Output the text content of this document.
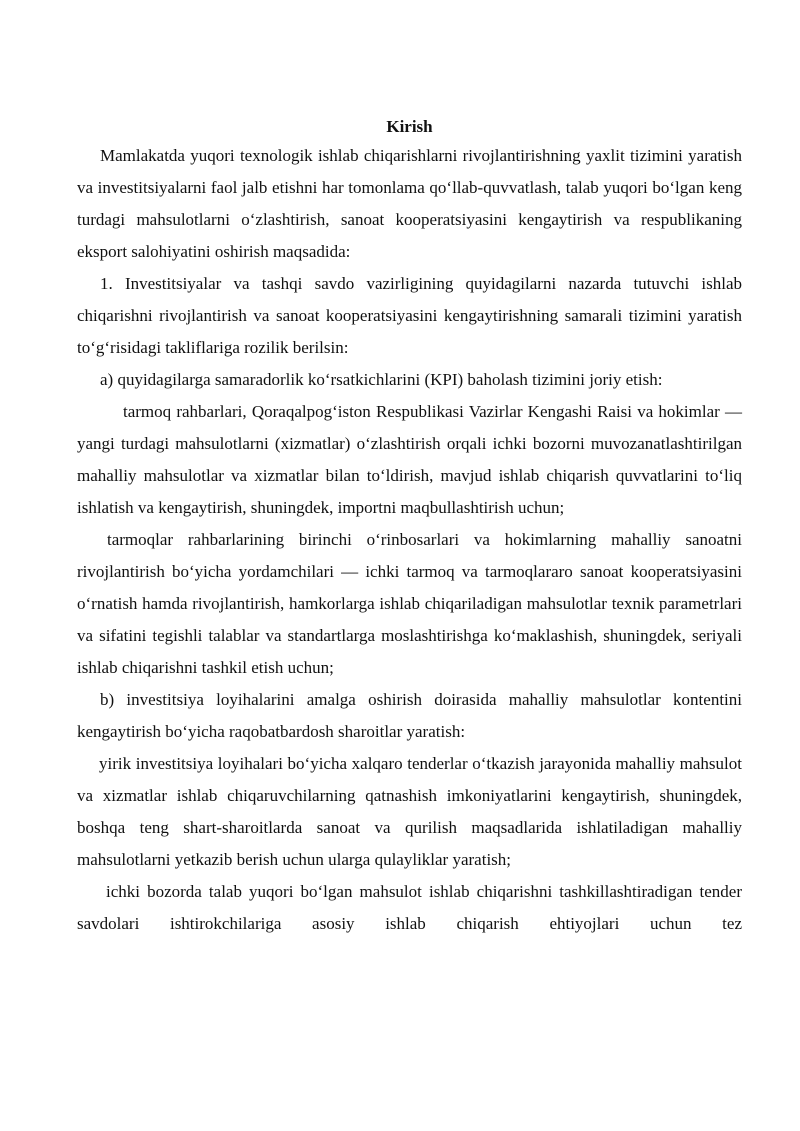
Kirish

Mamlakatda yuqori texnologik ishlab chiqarishlarni rivojlantirishning yaxlit tizimini yaratish va investitsiyalarni faol jalb etishni har tomonlama qo‘llab-quvvatlash, talab yuqori bo‘lgan keng turdagi mahsulotlarni o‘zlashtirish, sanoat kooperatsiyasini kengaytirish va respublikaning eksport salohiyatini oshirish maqsadida:

1. Investitsiyalar va tashqi savdo vazirligining quyidagilarni nazarda tutuvchi ishlab chiqarishni rivojlantirish va sanoat kooperatsiyasini kengaytirishning samarali tizimini yaratish to‘g‘risidagi takliflariga rozilik berilsin:

a) quyidagilarga samaradorlik ko‘rsatkichlarini (KPI) baholash tizimini joriy etish:

tarmoq rahbarlari, Qoraqalpog‘iston Respublikasi Vazirlar Kengashi Raisi va hokimlar — yangi turdagi mahsulotlarni (xizmatlar) o‘zlashtirish orqali ichki bozorni muvozanatlashtirilgan mahalliy mahsulotlar va xizmatlar bilan to‘ldirish, mavjud ishlab chiqarish quvvatlarini to‘liq ishlatish va kengaytirish, shuningdek, importni maqbullashtirish uchun;

tarmoqlar rahbarlarining birinchi o‘rinbosarlari va hokimlarning mahalliy sanoatni rivojlantirish bo‘yicha yordamchilari — ichki tarmoq va tarmoqlararo sanoat kooperatsiyasini o‘rnatish hamda rivojlantirish, hamkorlarga ishlab chiqariladigan mahsulotlar texnik parametrlari va sifatini tegishli talablar va standartlarga moslashtirishga ko‘maklashish, shuningdek, seriyali ishlab chiqarishni tashkil etish uchun;

b) investitsiya loyihalarini amalga oshirish doirasida mahalliy mahsulotlar kontentini kengaytirish bo‘yicha raqobatbardosh sharoitlar yaratish:

yirik investitsiya loyihalari bo‘yicha xalqaro tenderlar o‘tkazish jarayonida mahalliy mahsulot va xizmatlar ishlab chiqaruvchilarning qatnashish imkoniyatlarini kengaytirish, shuningdek, boshqa teng shart-sharoitlarda sanoat va qurilish maqsadlarida ishlatiladigan mahalliy mahsulotlarni yetkazib berish uchun ularga qulayliklar yaratish;

ichki bozorda talab yuqori bo‘lgan mahsulot ishlab chiqarishni tashkillashtiradigan tender savdolari ishtirokchilariga asosiy ishlab chiqarish ehtiyojlari uchun tez
